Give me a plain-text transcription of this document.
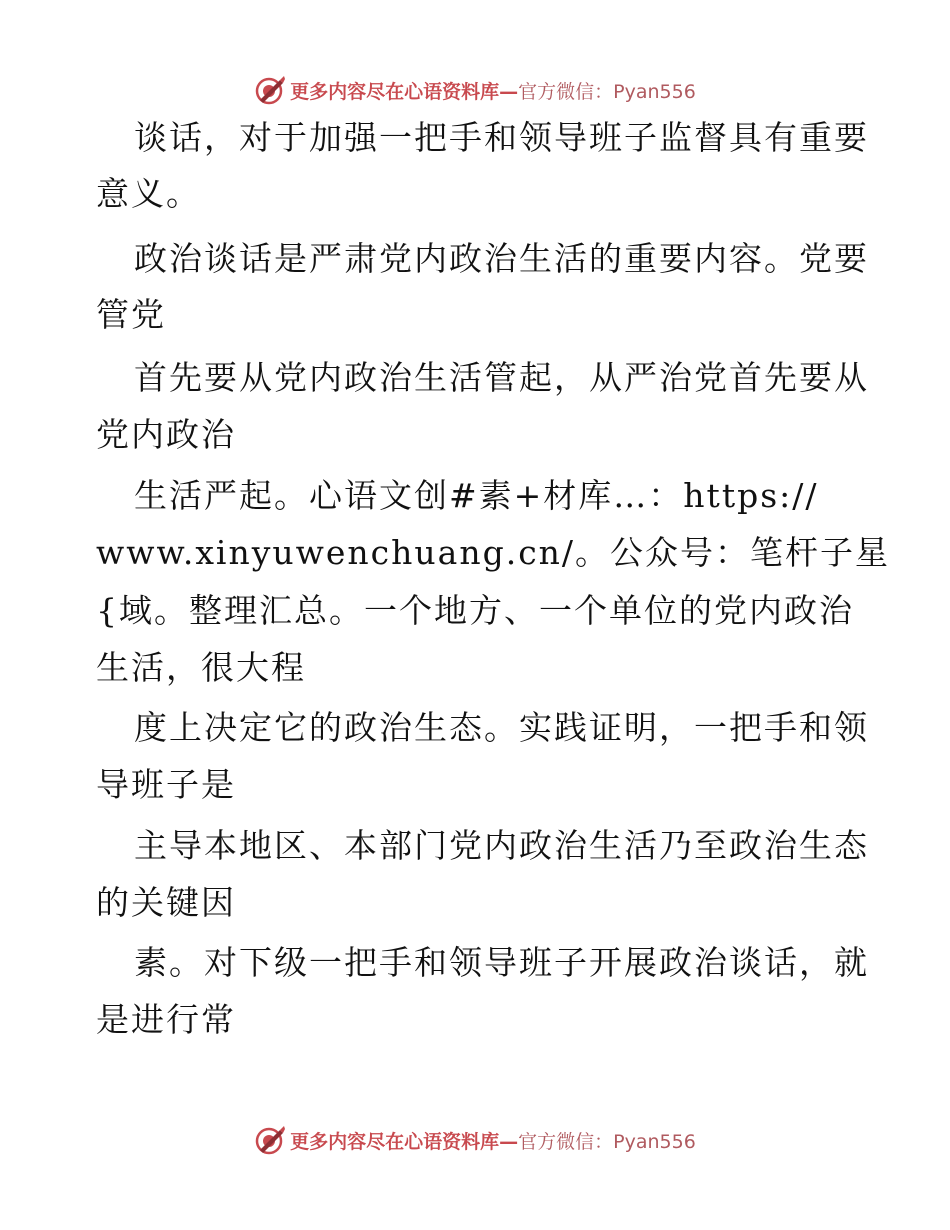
更多内容尽在心语资料库—官方微信：Pyan556
谈话，对于加强一把手和领导班子监督具有重要
意义。
政治谈话是严肃党内政治生活的重要内容。党要
管党
首先要从党内政治生活管起，从严治党首先要从
党内政治
生活严起。心语文创#素+材库…：https://
www.xinyuwenchuang.cn/。公众号：笔杆子星
{域。整理汇总。一个地方、一个单位的党内政治
生活，很大程
度上决定它的政治生态。实践证明，一把手和领
导班子是
主导本地区、本部门党内政治生活乃至政治生态
的关键因
素。对下级一把手和领导班子开展政治谈话，就
是进行常
更多内容尽在心语资料库—官方微信：Pyan556
